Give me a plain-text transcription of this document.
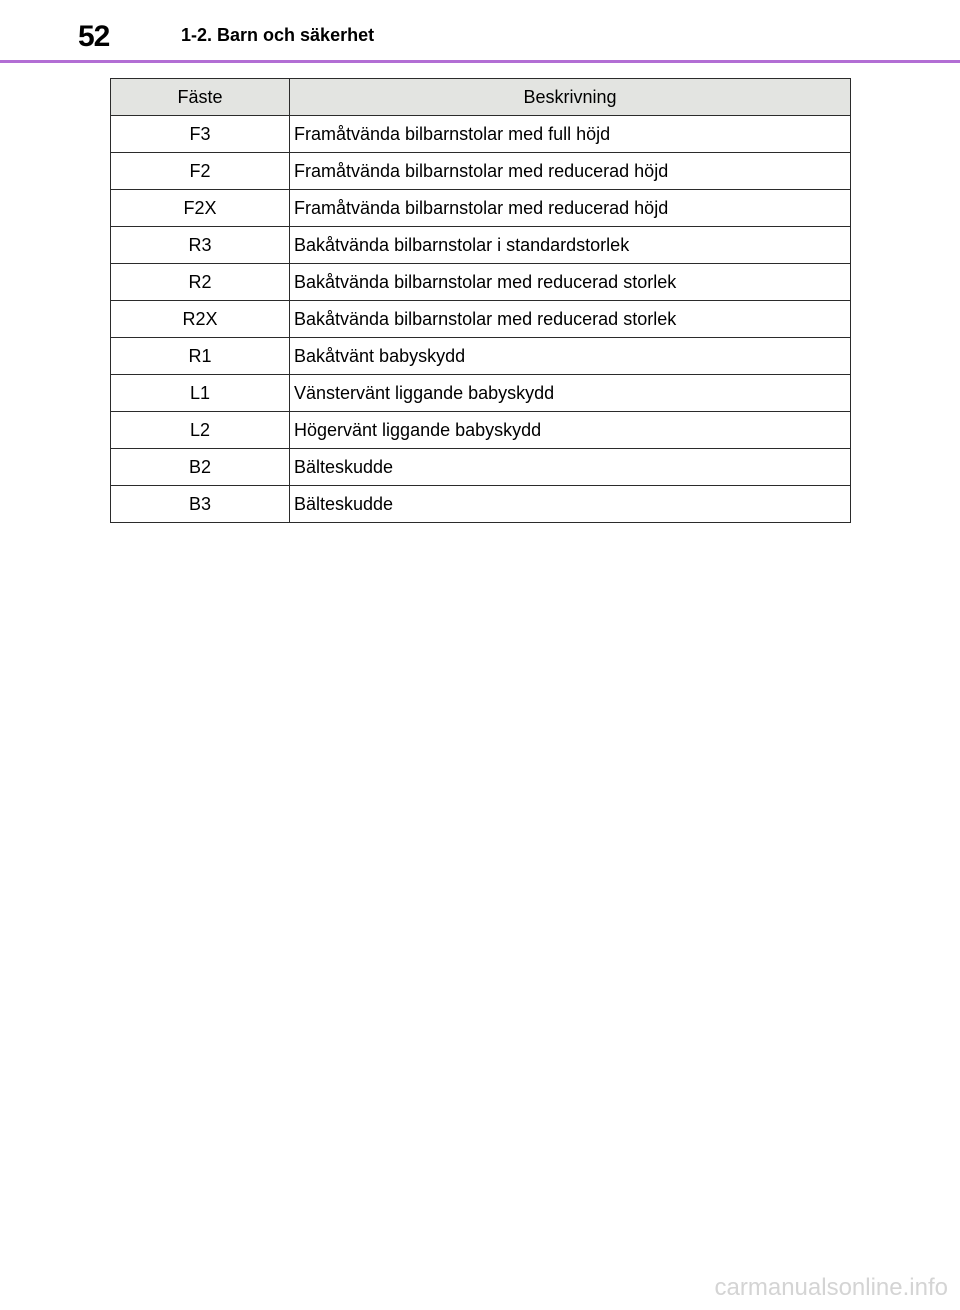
52	1-2. Barn och säkerhet
Fäste	Beskrivning
F3	Framåtvända bilbarnstolar med full höjd
F2	Framåtvända bilbarnstolar med reducerad höjd
F2X	Framåtvända bilbarnstolar med reducerad höjd
R3	Bakåtvända bilbarnstolar i standardstorlek
R2	Bakåtvända bilbarnstolar med reducerad storlek
R2X	Bakåtvända bilbarnstolar med reducerad storlek
R1	Bakåtvänt babyskydd
L1	Vänstervänt liggande babyskydd
L2	Högervänt liggande babyskydd
B2	Bälteskudde
B3	Bälteskudde
carmanualsonline.info
